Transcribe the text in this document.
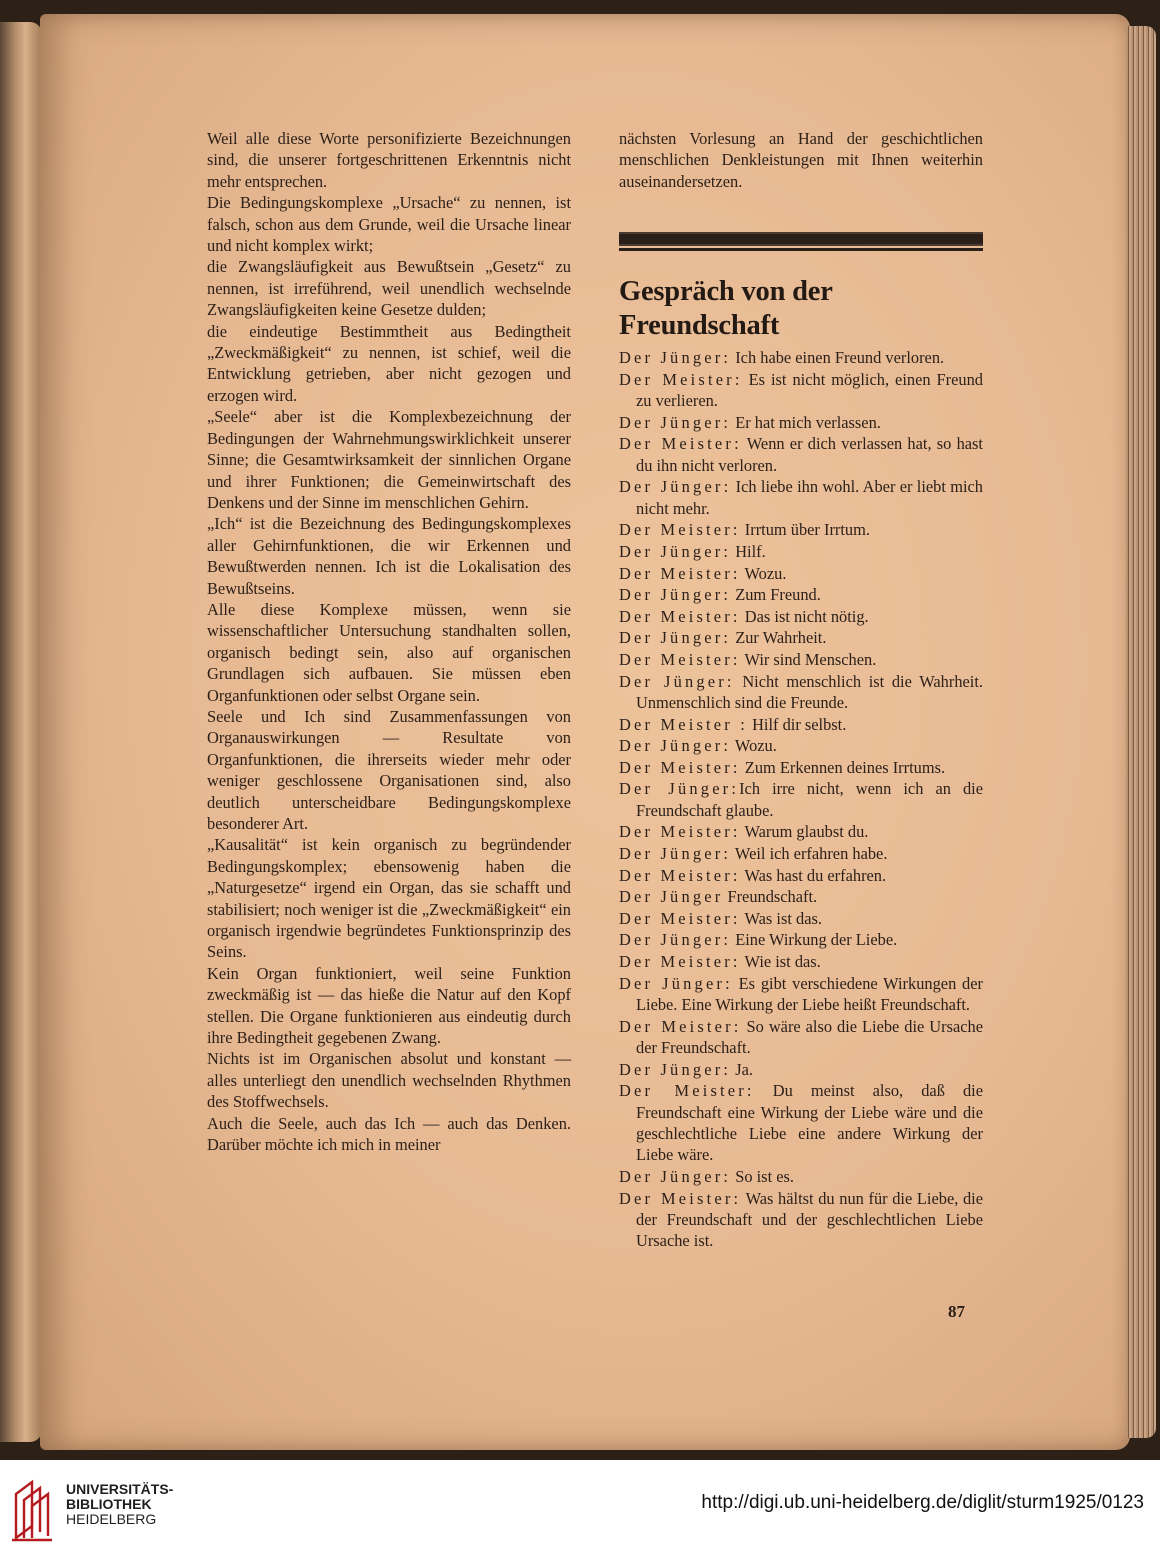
Weil alle diese Worte personifizierte Bezeichnungen sind, die unserer fortgeschrittenen Erkenntnis nicht mehr entsprechen.

Die Bedingungskomplexe „Ursache“ zu nennen, ist falsch, schon aus dem Grunde, weil die Ursache linear und nicht komplex wirkt;

die Zwangsläufigkeit aus Bewußtsein „Gesetz“ zu nennen, ist irreführend, weil unendlich wechselnde Zwangsläufigkeiten keine Gesetze dulden;

die eindeutige Bestimmtheit aus Bedingtheit „Zweckmäßigkeit“ zu nennen, ist schief, weil die Entwicklung getrieben, aber nicht gezogen und erzogen wird.

„Seele“ aber ist die Komplexbezeichnung der Bedingungen der Wahrnehmungswirklichkeit unserer Sinne; die Gesamtwirksamkeit der sinnlichen Organe und ihrer Funktionen; die Gemeinwirtschaft des Denkens und der Sinne im menschlichen Gehirn.

„Ich“ ist die Bezeichnung des Bedingungskomplexes aller Gehirnfunktionen, die wir Erkennen und Bewußtwerden nennen. Ich ist die Lokalisation des Bewußtseins.

Alle diese Komplexe müssen, wenn sie wissenschaftlicher Untersuchung standhalten sollen, organisch bedingt sein, also auf organischen Grundlagen sich aufbauen. Sie müssen eben Organfunktionen oder selbst Organe sein.

Seele und Ich sind Zusammenfassungen von Organauswirkungen — Resultate von Organfunktionen, die ihrerseits wieder mehr oder weniger geschlossene Organisationen sind, also deutlich unterscheidbare Bedingungskomplexe besonderer Art.

„Kausalität“ ist kein organisch zu begründender Bedingungskomplex; ebensowenig haben die „Naturgesetze“ irgend ein Organ, das sie schafft und stabilisiert; noch weniger ist die „Zweckmäßigkeit“ ein organisch irgendwie begründetes Funktionsprinzip des Seins.

Kein Organ funktioniert, weil seine Funktion zweckmäßig ist — das hieße die Natur auf den Kopf stellen. Die Organe funktionieren aus eindeutig durch ihre Bedingtheit gegebenen Zwang.

Nichts ist im Organischen absolut und konstant — alles unterliegt den unendlich wechselnden Rhythmen des Stoffwechsels.

Auch die Seele, auch das Ich — auch das Denken. Darüber möchte ich mich in meiner

nächsten Vorlesung an Hand der geschichtlichen menschlichen Denkleistungen mit Ihnen weiterhin auseinandersetzen.

Gespräch von der Freundschaft

Der Jünger: Ich habe einen Freund verloren.

Der Meister: Es ist nicht möglich, einen Freund zu verlieren.

Der Jünger: Er hat mich verlassen.

Der Meister: Wenn er dich verlassen hat, so hast du ihn nicht verloren.

Der Jünger: Ich liebe ihn wohl. Aber er liebt mich nicht mehr.

Der Meister: Irrtum über Irrtum.

Der Jünger: Hilf.

Der Meister: Wozu.

Der Jünger: Zum Freund.

Der Meister: Das ist nicht nötig.

Der Jünger: Zur Wahrheit.

Der Meister: Wir sind Menschen.

Der Jünger: Nicht menschlich ist die Wahrheit. Unmenschlich sind die Freunde.

Der Meister : Hilf dir selbst.

Der Jünger: Wozu.

Der Meister: Zum Erkennen deines Irrtums.

Der Jünger:Ich irre nicht, wenn ich an die Freundschaft glaube.

Der Meister: Warum glaubst du.

Der Jünger: Weil ich erfahren habe.

Der Meister: Was hast du erfahren.

Der Jünger Freundschaft.

Der Meister: Was ist das.

Der Jünger: Eine Wirkung der Liebe.

Der Meister: Wie ist das.

Der Jünger: Es gibt verschiedene Wirkungen der Liebe. Eine Wirkung der Liebe heißt Freundschaft.

Der Meister: So wäre also die Liebe die Ursache der Freundschaft.

Der Jünger: Ja.

Der Meister: Du meinst also, daß die Freundschaft eine Wirkung der Liebe wäre und die geschlechtliche Liebe eine andere Wirkung der Liebe wäre.

Der Jünger: So ist es.

Der Meister: Was hältst du nun für die Liebe, die der Freundschaft und der geschlechtlichen Liebe Ursache ist.

87
UNIVERSITÄTS-
BIBLIOTHEK
HEIDELBERG
http://digi.ub.uni-heidelberg.de/diglit/sturm1925/0123
